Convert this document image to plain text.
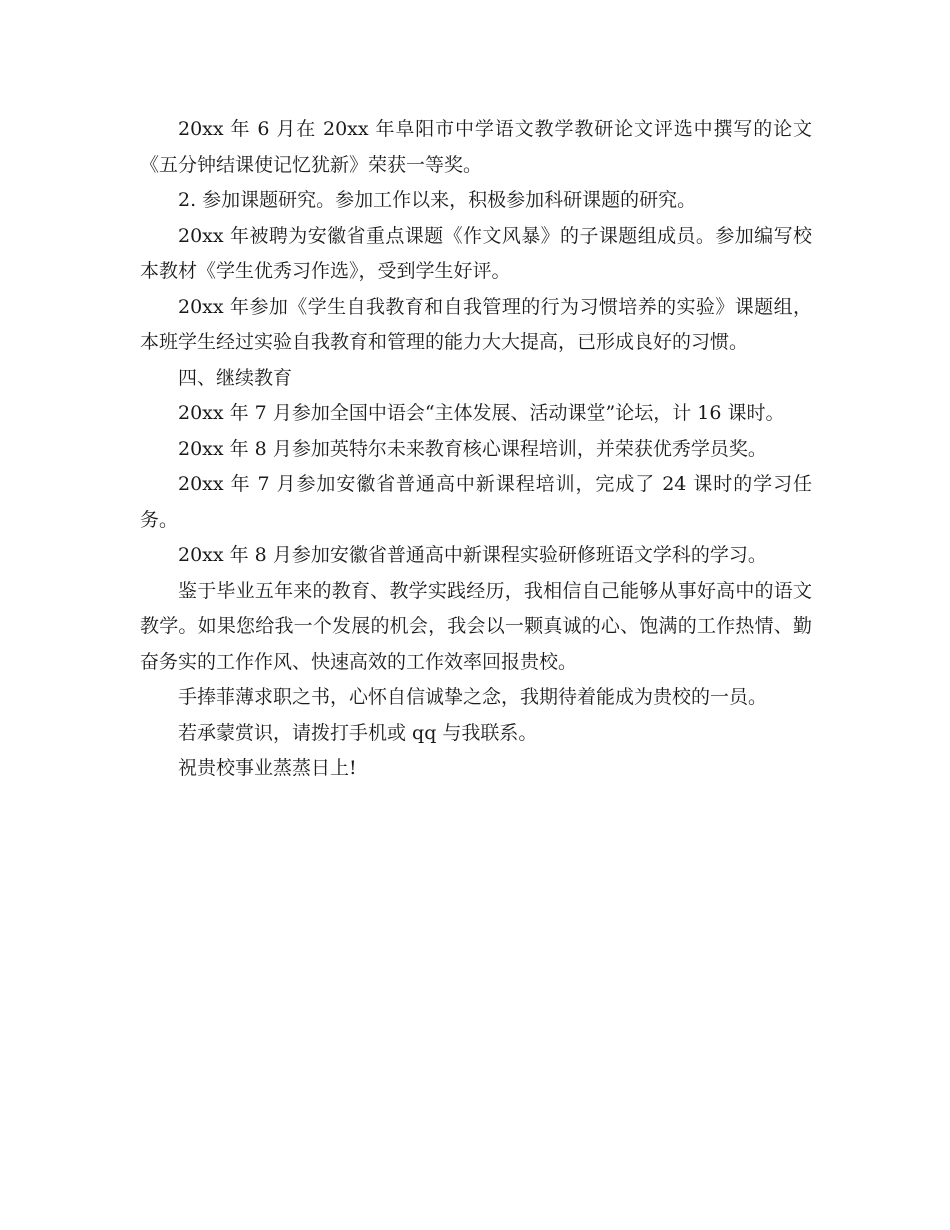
20xx 年 6 月在 20xx 年阜阳市中学语文教学教研论文评选中撰写的论文《五分钟结课使记忆犹新》荣获一等奖。

2. 参加课题研究。参加工作以来，积极参加科研课题的研究。

20xx 年被聘为安徽省重点课题《作文风暴》的子课题组成员。参加编写校本教材《学生优秀习作选》，受到学生好评。

20xx 年参加《学生自我教育和自我管理的行为习惯培养的实验》课题组，本班学生经过实验自我教育和管理的能力大大提高，已形成良好的习惯。

四、继续教育

20xx 年 7 月参加全国中语会“主体发展、活动课堂”论坛，计 16 课时。

20xx 年 8 月参加英特尔未来教育核心课程培训，并荣获优秀学员奖。

20xx 年 7 月参加安徽省普通高中新课程培训，完成了 24 课时的学习任务。

20xx 年 8 月参加安徽省普通高中新课程实验研修班语文学科的学习。

鉴于毕业五年来的教育、教学实践经历，我相信自己能够从事好高中的语文教学。如果您给我一个发展的机会，我会以一颗真诚的心、饱满的工作热情、勤奋务实的工作作风、快速高效的工作效率回报贵校。

手捧菲薄求职之书，心怀自信诚挚之念，我期待着能成为贵校的一员。

若承蒙赏识，请拨打手机或 qq 与我联系。

祝贵校事业蒸蒸日上!
